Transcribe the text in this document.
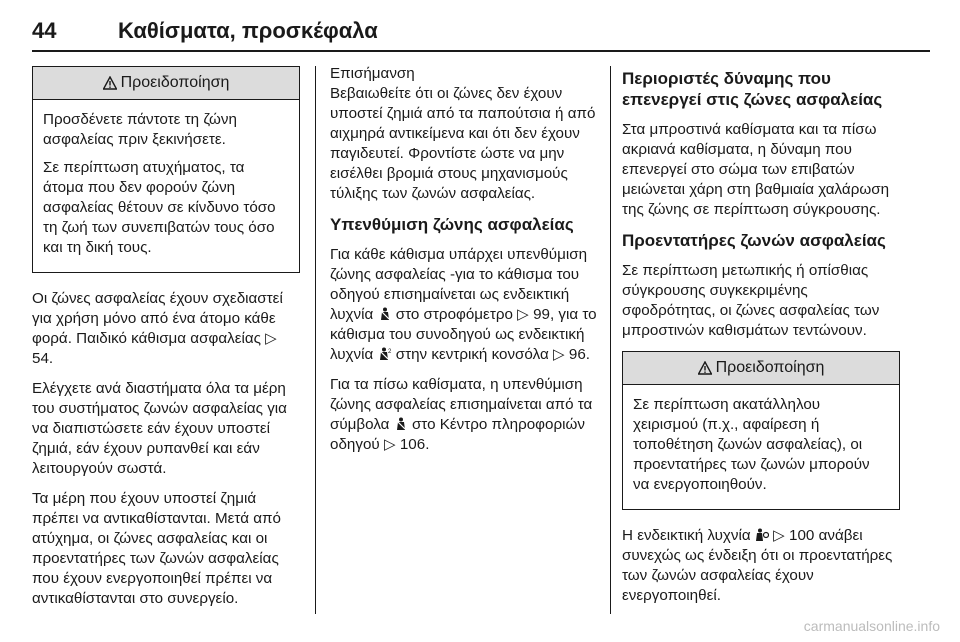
44	Καθίσματα, προσκέφαλα
Προειδοποίηση

Προσδένετε πάντοτε τη ζώνη ασφαλείας πριν ξεκινήσετε.

Σε περίπτωση ατυχήματος, τα άτομα που δεν φορούν ζώνη ασφαλείας θέτουν σε κίνδυνο τόσο τη ζωή των συνεπιβατών τους όσο και τη δική τους.

Οι ζώνες ασφαλείας έχουν σχεδιαστεί για χρήση μόνο από ένα άτομο κάθε φορά. Παιδικό κάθισμα ασφαλείας ▷ 54.

Ελέγχετε ανά διαστήματα όλα τα μέρη του συστήματος ζωνών ασφαλείας για να διαπιστώσετε εάν έχουν υποστεί ζημιά, εάν έχουν ρυπανθεί και εάν λειτουργούν σωστά.

Τα μέρη που έχουν υποστεί ζημιά πρέπει να αντικαθίστανται. Μετά από ατύχημα, οι ζώνες ασφαλείας και οι προεντατήρες των ζωνών ασφαλείας που έχουν ενεργοποιηθεί πρέπει να αντικαθίστανται στο συνεργείο.

Επισήμανση

Βεβαιωθείτε ότι οι ζώνες δεν έχουν υποστεί ζημιά από τα παπούτσια ή από αιχμηρά αντικείμενα και ότι δεν έχουν παγιδευτεί. Φροντίστε ώστε να μην εισέλθει βρομιά στους μηχανισμούς τύλιξης των ζωνών ασφαλείας.

Υπενθύμιση ζώνης ασφαλείας

Για κάθε κάθισμα υπάρχει υπενθύμιση ζώνης ασφαλείας -για το κάθισμα του οδηγού επισημαίνεται ως ενδεικτική λυχνία στο στροφόμετρο ▷ 99, για το κάθισμα του συνοδηγού ως ενδεικτική λυχνία 2 στην κεντρική κονσόλα ▷ 96.

Για τα πίσω καθίσματα, η υπενθύμιση ζώνης ασφαλείας επισημαίνεται από τα σύμβολα στο Κέντρο πληροφοριών οδηγού ▷ 106.

Περιοριστές δύναμης που επενεργεί στις ζώνες ασφαλείας

Στα μπροστινά καθίσματα και τα πίσω ακριανά καθίσματα, η δύναμη που επενεργεί στο σώμα των επιβατών μειώνεται χάρη στη βαθμιαία χαλάρωση της ζώνης σε περίπτωση σύγκρουσης.

Προεντατήρες ζωνών ασφαλείας

Σε περίπτωση μετωπικής ή οπίσθιας σύγκρουσης συγκεκριμένης σφοδρότητας, οι ζώνες ασφαλείας των μπροστινών καθισμάτων τεντώνουν.

Προειδοποίηση

Σε περίπτωση ακατάλληλου χειρισμού (π.χ., αφαίρεση ή τοποθέτηση ζωνών ασφαλείας), οι προεντατήρες των ζωνών μπορούν να ενεργοποιηθούν.

Η ενδεικτική λυχνία ▷ 100 ανάβει συνεχώς ως ένδειξη ότι οι προεντατήρες των ζωνών ασφαλείας έχουν ενεργοποιηθεί.

carmanualsonline.info
